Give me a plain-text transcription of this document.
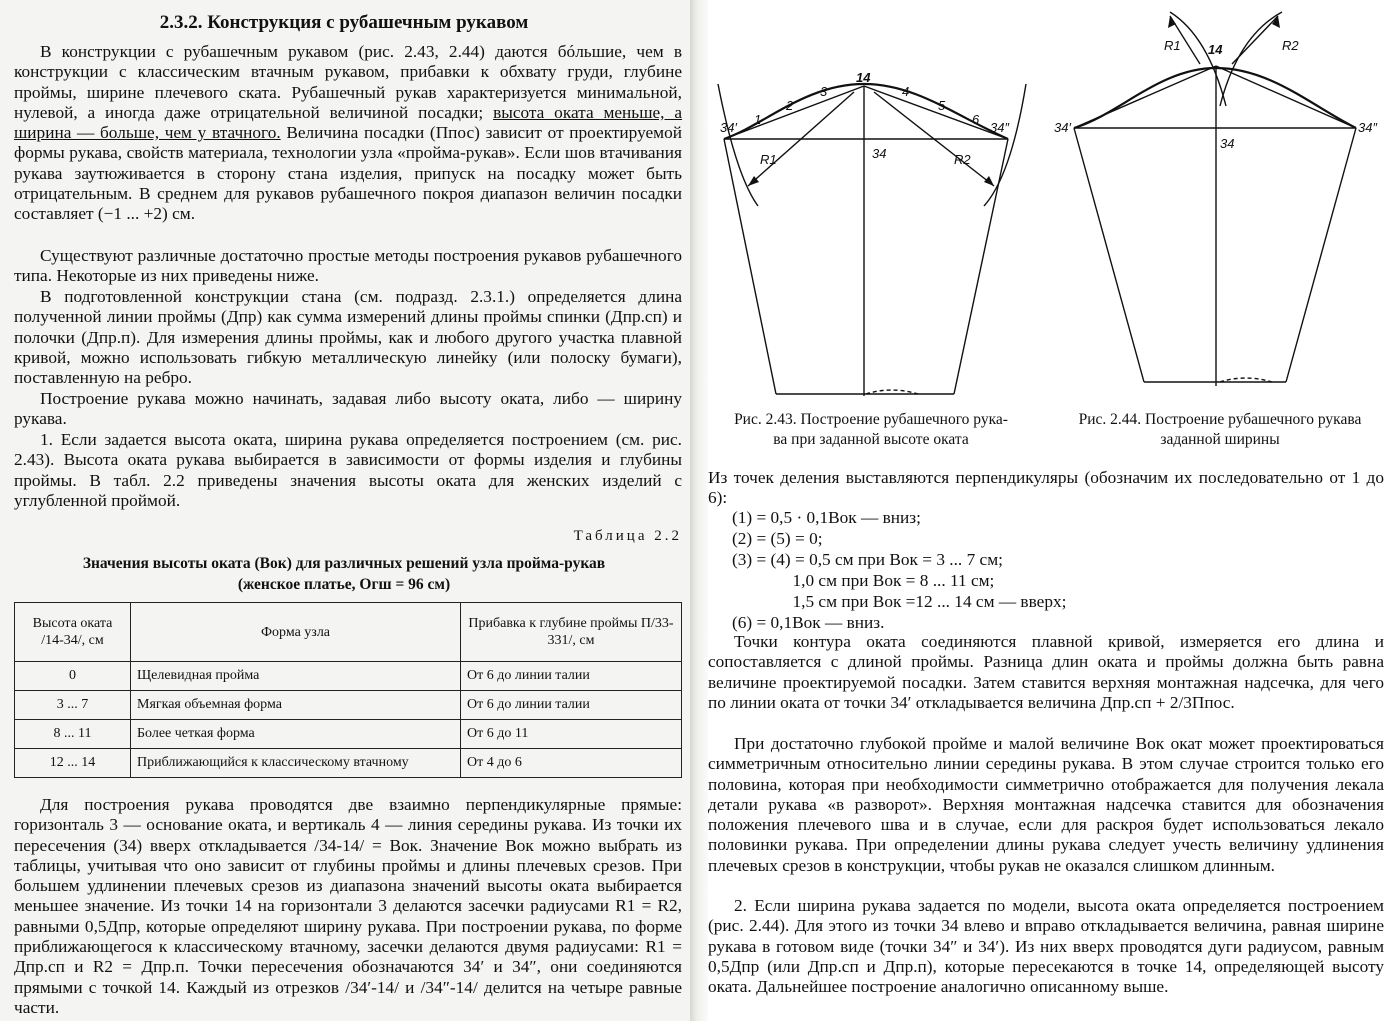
2.3.2. Конструкция с рубашечным рукавом

В конструкции с рубашечным рукавом (рис. 2.43, 2.44) даются бóльшие, чем в конструкции с классическим втачным рукавом, прибавки к обхвату груди, глубине проймы, ширине плечевого ската. Рубашечный рукав характеризуется минимальной, нулевой, а иногда даже отрицательной величиной посадки; высота оката меньше, а ширина — больше, чем у втачного. Величина посадки (Ппос) зависит от проектируемой формы рукава, свойств материала, технологии узла «пройма-рукав». Если шов втачивания рукава заутюживается в сторону стана изделия, припуск на посадку может быть отрицательным. В среднем для рукавов рубашечного покроя диапазон величин посадки составляет (−1 ... +2) см.

Существуют различные достаточно простые методы построения рукавов рубашечного типа. Некоторые из них приведены ниже.

В подготовленной конструкции стана (см. подразд. 2.3.1.) определяется длина полученной линии проймы (Дпр) как сумма измерений длины проймы спинки (Дпр.сп) и полочки (Дпр.п). Для измерения длины проймы, как и любого другого участка плавной кривой, можно использовать гибкую металлическую линейку (или полоску бумаги), поставленную на ребро.

Построение рукава можно начинать, задавая либо высоту оката, либо — ширину рукава.

1. Если задается высота оката, ширина рукава определяется построением (см. рис. 2.43). Высота оката рукава выбирается в зависимости от формы изделия и глубины проймы. В табл. 2.2 приведены значения высоты оката для женских изделий с углубленной проймой.

Таблица 2.2

Значения высоты оката (Вок) для различных решений узла пройма-рукав
(женское платье, Огш = 96 см)
Высота оката /14-34/, см	Форма узла	Прибавка к глубине проймы П/33-331/, см
0	Щелевидная пройма	От 6 до линии талии
3 ... 7	Мягкая объемная форма	От 6 до линии талии
8 ... 11	Более четкая форма	От 6 до 11
12 ... 14	Приближающийся к классическому втачному	От 4 до 6

Для построения рукава проводятся две взаимно перпендикулярные прямые: горизонталь 3 — основание оката, и вертикаль 4 — линия середины рукава. Из точки их пересечения (34) вверх откладывается /34-14/ = Вок. Значение Вок можно выбрать из таблицы, учитывая что оно зависит от глубины проймы и длины плечевых срезов. При большем удлинении плечевых срезов из диапазона значений высоты оката выбирается меньшее значение. Из точки 14 на горизонтали 3 делаются засечки радиусами R1 = R2, равными 0,5Дпр, которые определяют ширину рукава. При построении рукава, по форме приближающегося к классическому втачному, засечки делаются двумя радиусами: R1 = Дпр.сп и R2 = Дпр.п. Точки пересечения обозначаются 34′ и 34″, они соединяются прямыми с точкой 14. Каждый из отрезков /34′-14/ и /34″-14/ делится на четыре равные части.

14
34
34′	34″
1
2
3	4
5
6
R1	R2
14
34
34′	34″
R1	R2
Рис. 2.43. Построение рубашечного рука-
ва при заданной высоте оката
Рис. 2.44. Построение рубашечного рукава
заданной ширины

Из точек деления выставляются перпендикуляры (обозначим их последовательно от 1 до 6):

(1) = 0,5 · 0,1Вок — вниз;
(2) = (5) = 0;
(3) = (4) = 0,5 см при Вок = 3 ... 7 см;
1,0 см при Вок = 8 ... 11 см;
1,5 см при Вок =12 ... 14 см — вверх;
(6) = 0,1Вок — вниз.

Точки контура оката соединяются плавной кривой, измеряется его длина и сопоставляется с длиной проймы. Разница длин оката и проймы должна быть равна величине проектируемой посадки. Затем ставится верхняя монтажная надсечка, для чего по линии оката от точки 34′ откладывается величина Дпр.сп + 2/3Ппос.

При достаточно глубокой пройме и малой величине Вок окат может проектироваться симметричным относительно линии середины рукава. В этом случае строится только его половина, которая при необходимости симметрично отображается для получения лекала детали рукава «в разворот». Верхняя монтажная надсечка ставится для обозначения положения плечевого шва и в случае, если для раскроя будет использоваться лекало половинки рукава. При определении длины рукава следует учесть величину удлинения плечевых срезов в конструкции, чтобы рукав не оказался слишком длинным.

2. Если ширина рукава задается по модели, высота оката определяется построением (рис. 2.44). Для этого из точки 34 влево и вправо откладывается величина, равная ширине рукава в готовом виде (точки 34″ и 34′). Из них вверх проводятся дуги радиусом, равным 0,5Дпр (или Дпр.сп и Дпр.п), которые пересекаются в точке 14, определяющей высоту оката. Дальнейшее построение аналогично описанному выше.
